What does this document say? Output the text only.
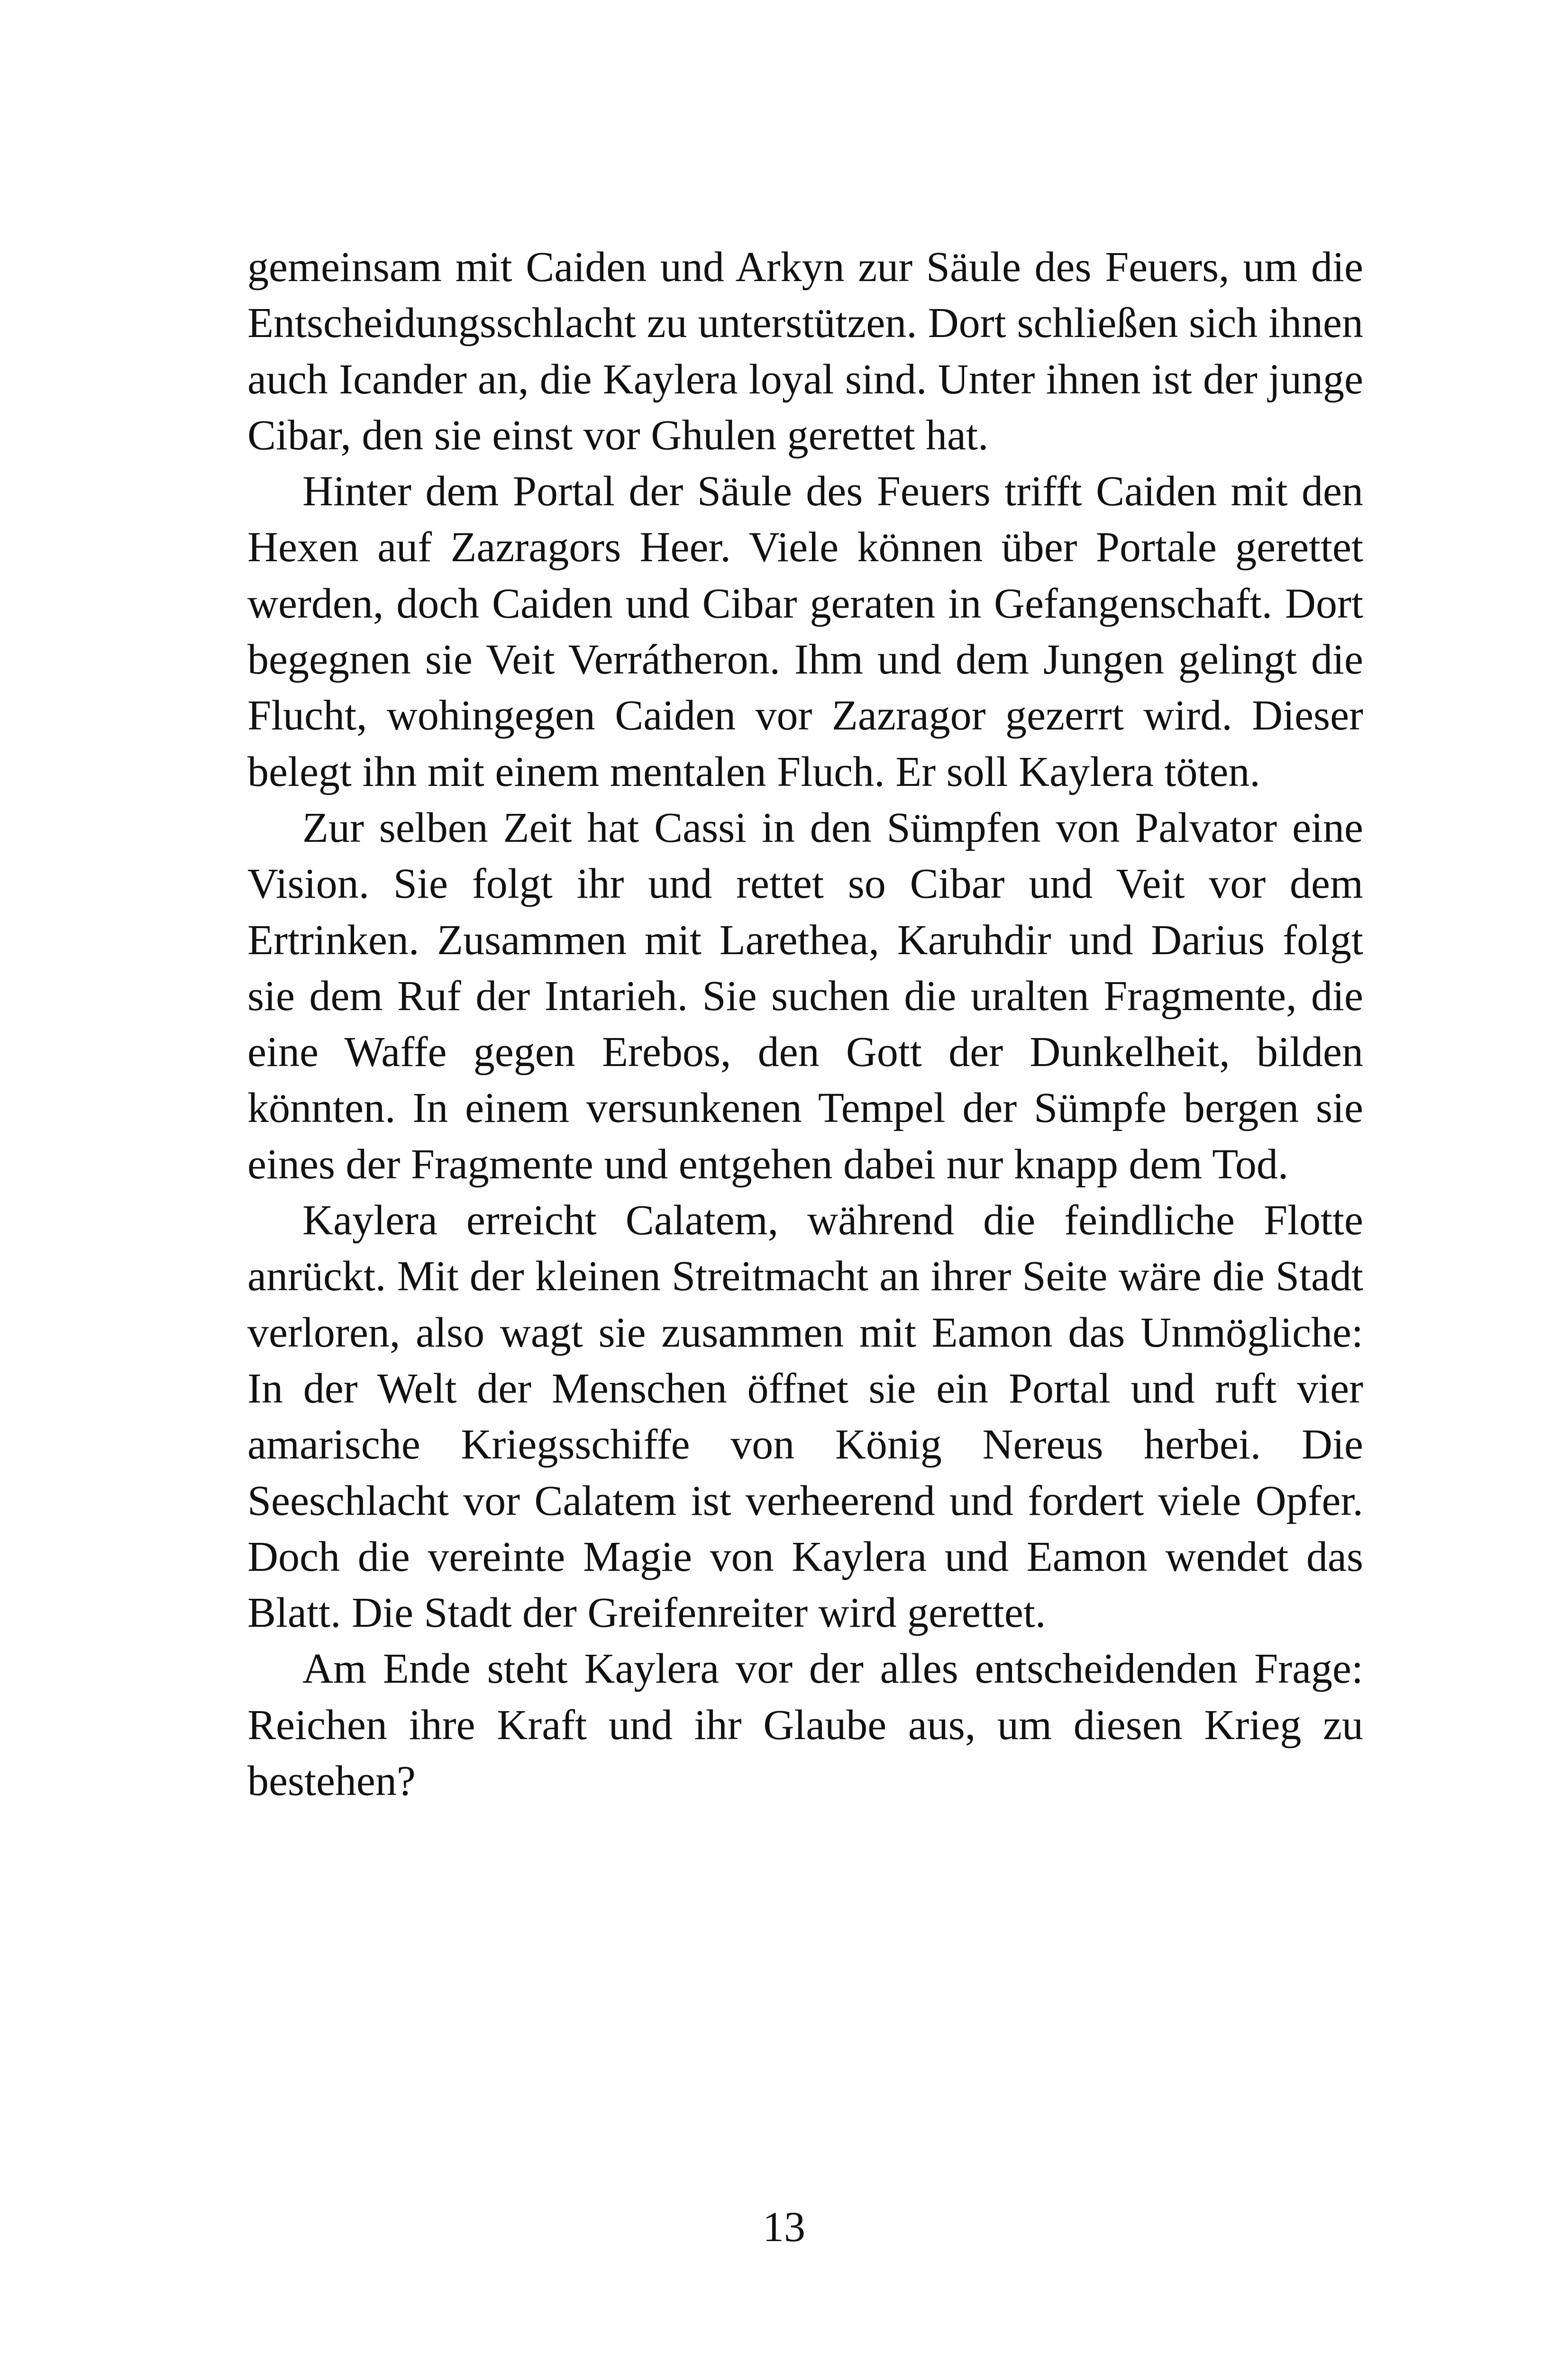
gemeinsam mit Caiden und Arkyn zur Säule des Feuers, um die Entscheidungsschlacht zu unterstützen. Dort schließen sich ihnen auch Icander an, die Kaylera loyal sind. Unter ihnen ist der junge Cibar, den sie einst vor Ghulen gerettet hat.

Hinter dem Portal der Säule des Feuers trifft Caiden mit den Hexen auf Zazragors Heer. Viele können über Portale gerettet werden, doch Caiden und Cibar geraten in Gefangenschaft. Dort begegnen sie Veit Verrátheron. Ihm und dem Jungen gelingt die Flucht, wohingegen Caiden vor Zazragor gezerrt wird. Dieser belegt ihn mit einem mentalen Fluch. Er soll Kaylera töten.

Zur selben Zeit hat Cassi in den Sümpfen von Palvator eine Vision. Sie folgt ihr und rettet so Cibar und Veit vor dem Ertrinken. Zusammen mit Larethea, Karuhdir und Darius folgt sie dem Ruf der Intarieh. Sie suchen die uralten Fragmente, die eine Waffe gegen Erebos, den Gott der Dunkelheit, bilden könnten. In einem versunkenen Tempel der Sümpfe bergen sie eines der Fragmente und entgehen dabei nur knapp dem Tod.

Kaylera erreicht Calatem, während die feindliche Flotte anrückt. Mit der kleinen Streitmacht an ihrer Seite wäre die Stadt verloren, also wagt sie zusammen mit Eamon das Unmögliche: In der Welt der Menschen öffnet sie ein Portal und ruft vier amarische Kriegsschiffe von König Nereus herbei. Die Seeschlacht vor Calatem ist verheerend und fordert viele Opfer. Doch die vereinte Magie von Kaylera und Eamon wendet das Blatt. Die Stadt der Greifenreiter wird gerettet.

Am Ende steht Kaylera vor der alles entscheidenden Frage: Reichen ihre Kraft und ihr Glaube aus, um diesen Krieg zu bestehen?

13
